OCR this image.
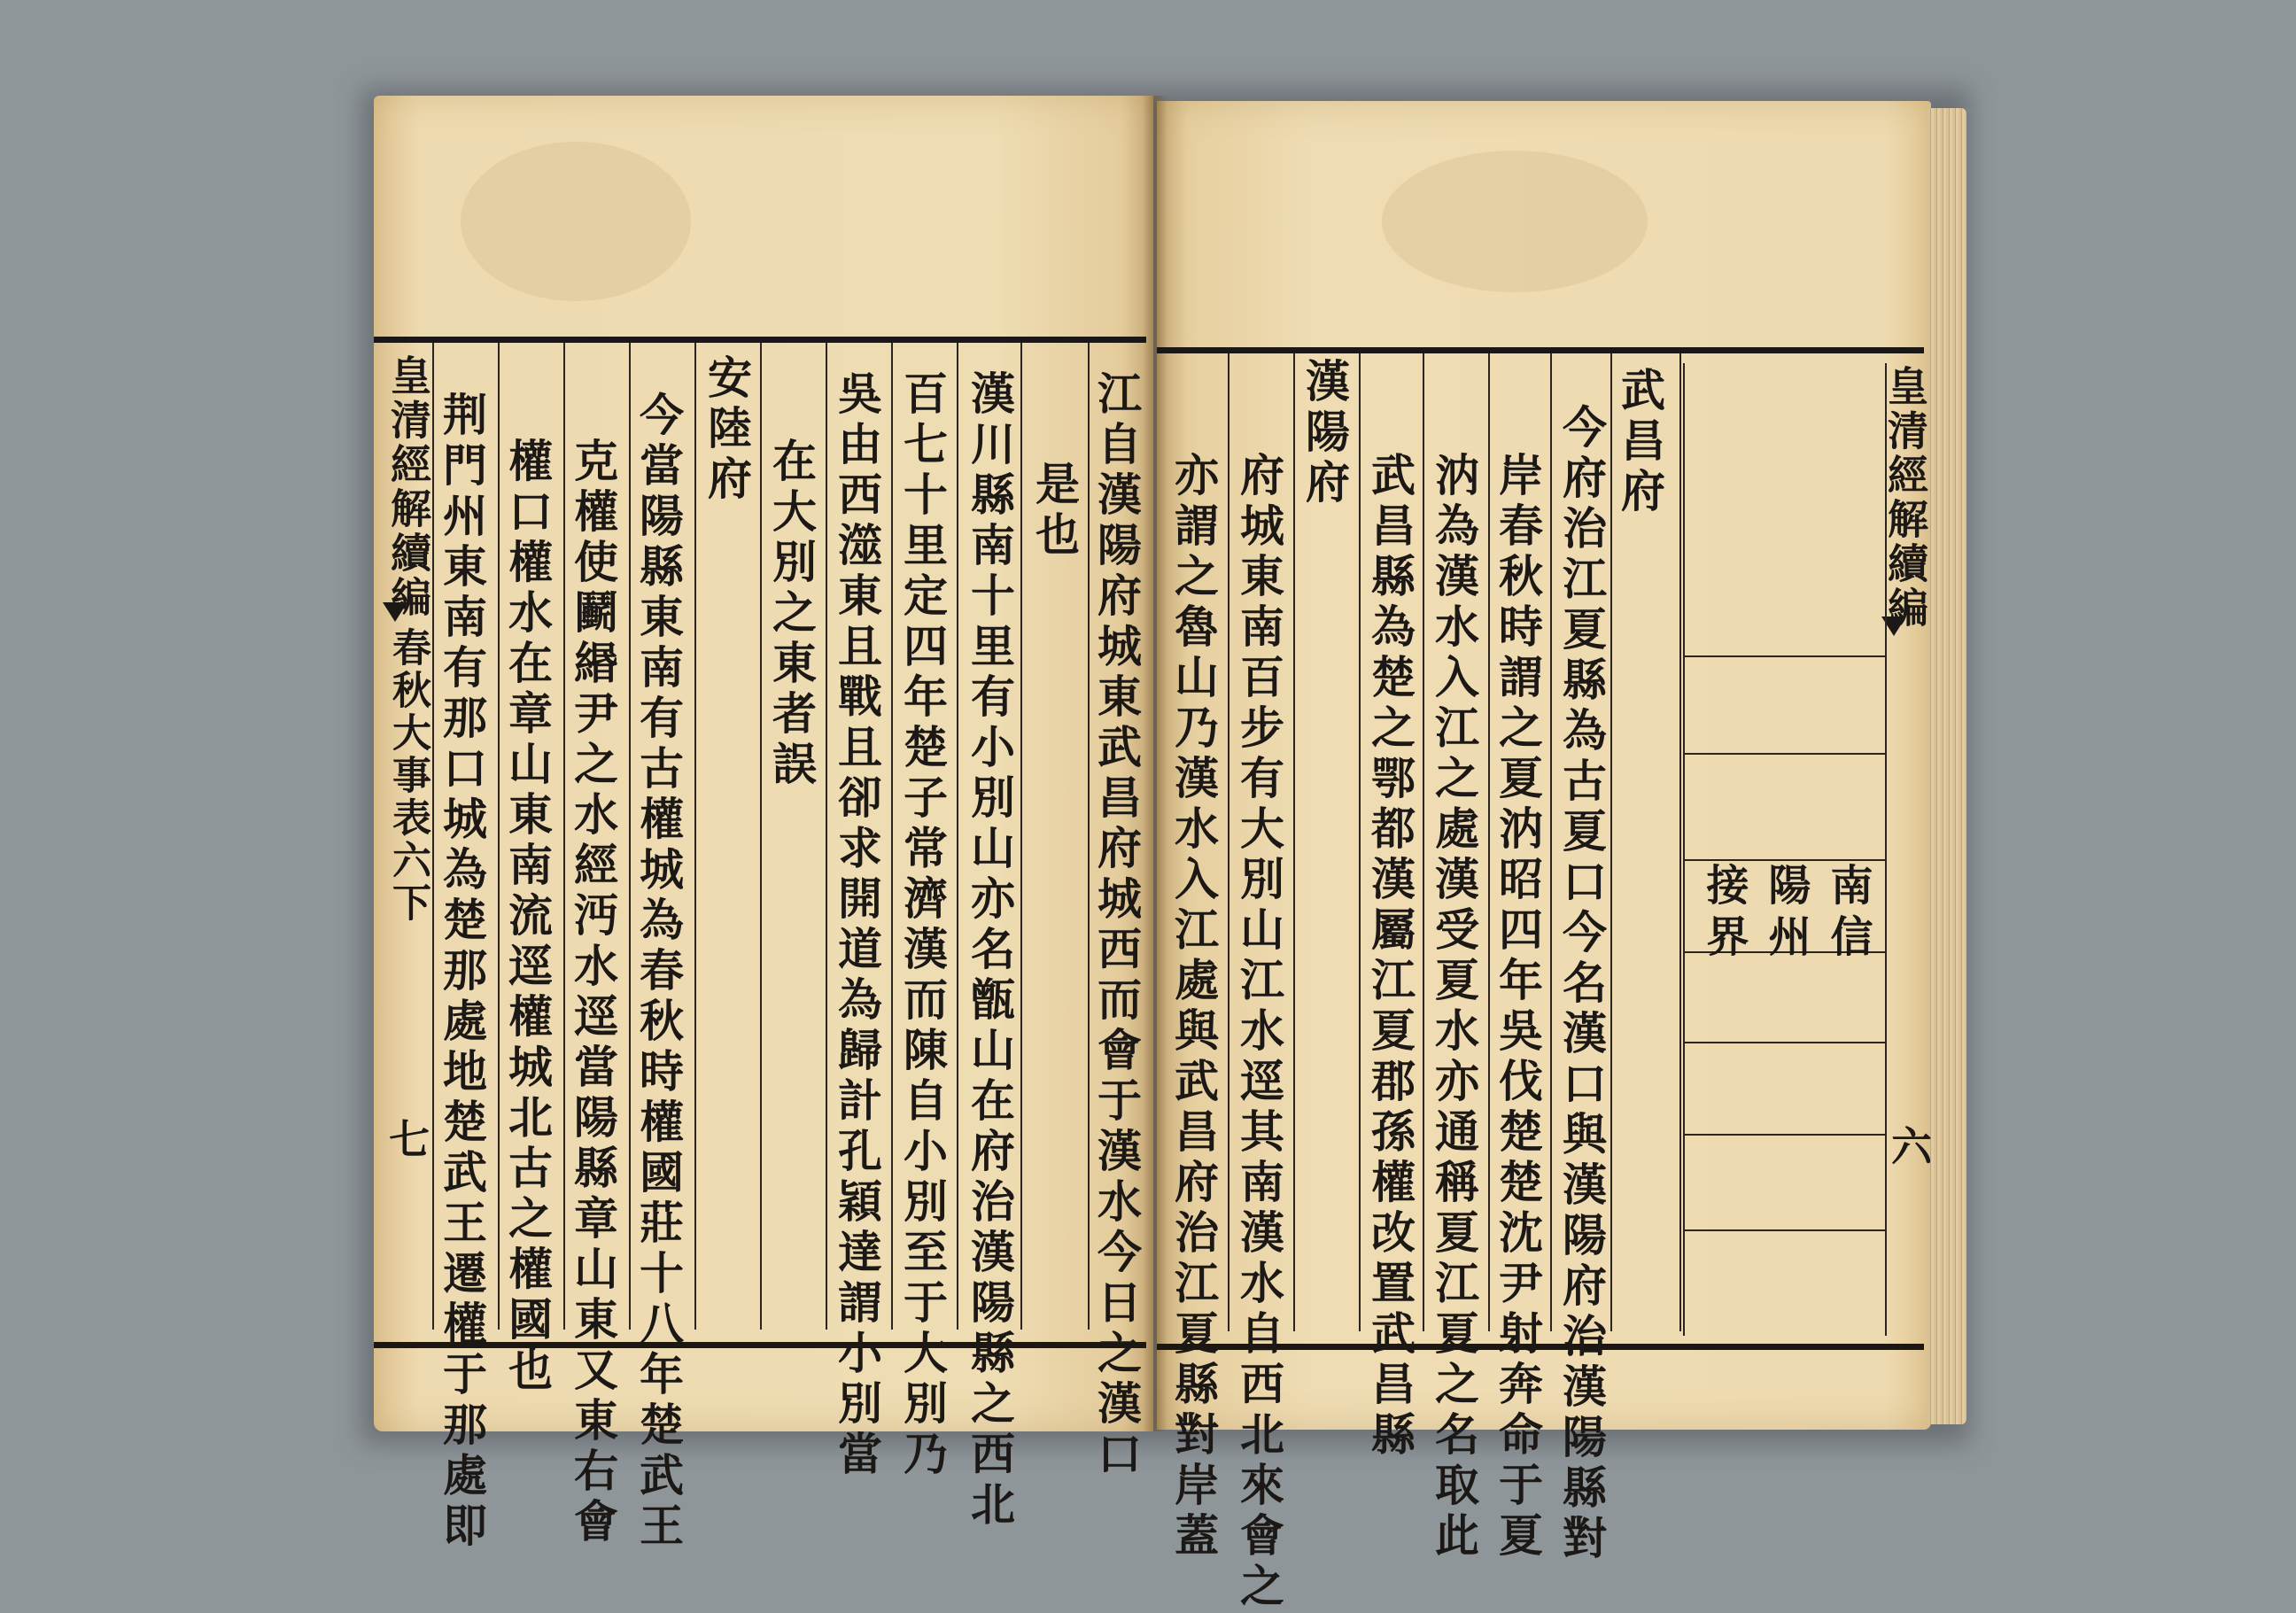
皇清經解續編
春秋大事表六下
七	江自漢陽府城東武昌府城西而會于漢水今日之漢口
是也
漢川縣南十里有小別山亦名甑山在府治漢陽縣之西北
百七十里定四年楚子常濟漢而陳自小別至于大別乃
吳由西澨東且戰且卻求開道為歸計孔穎達謂小別當
在大別之東者誤
安陸府
今當陽縣東南有古權城為春秋時權國莊十八年楚武王
克權使鬬緡尹之水經沔水逕當陽縣章山東又東右會
權口權水在章山東南流逕權城北古之權國也
荆門州東南有那口城為楚那處地楚武王遷權于那處即	皇清經解續編
六
南信
陽州
接界
武昌府
今府治江夏縣為古夏口今名漢口與漢陽府治漢陽縣對
岸春秋時謂之夏汭昭四年吳伐楚楚沈尹射奔命于夏
汭為漢水入江之處漢受夏水亦通稱夏江夏之名取此
武昌縣為楚之鄂都漢屬江夏郡孫權改置武昌縣
漢陽府
府城東南百步有大別山江水逕其南漢水自西北來會之
亦謂之魯山乃漢水入江處與武昌府治江夏縣對岸蓋
